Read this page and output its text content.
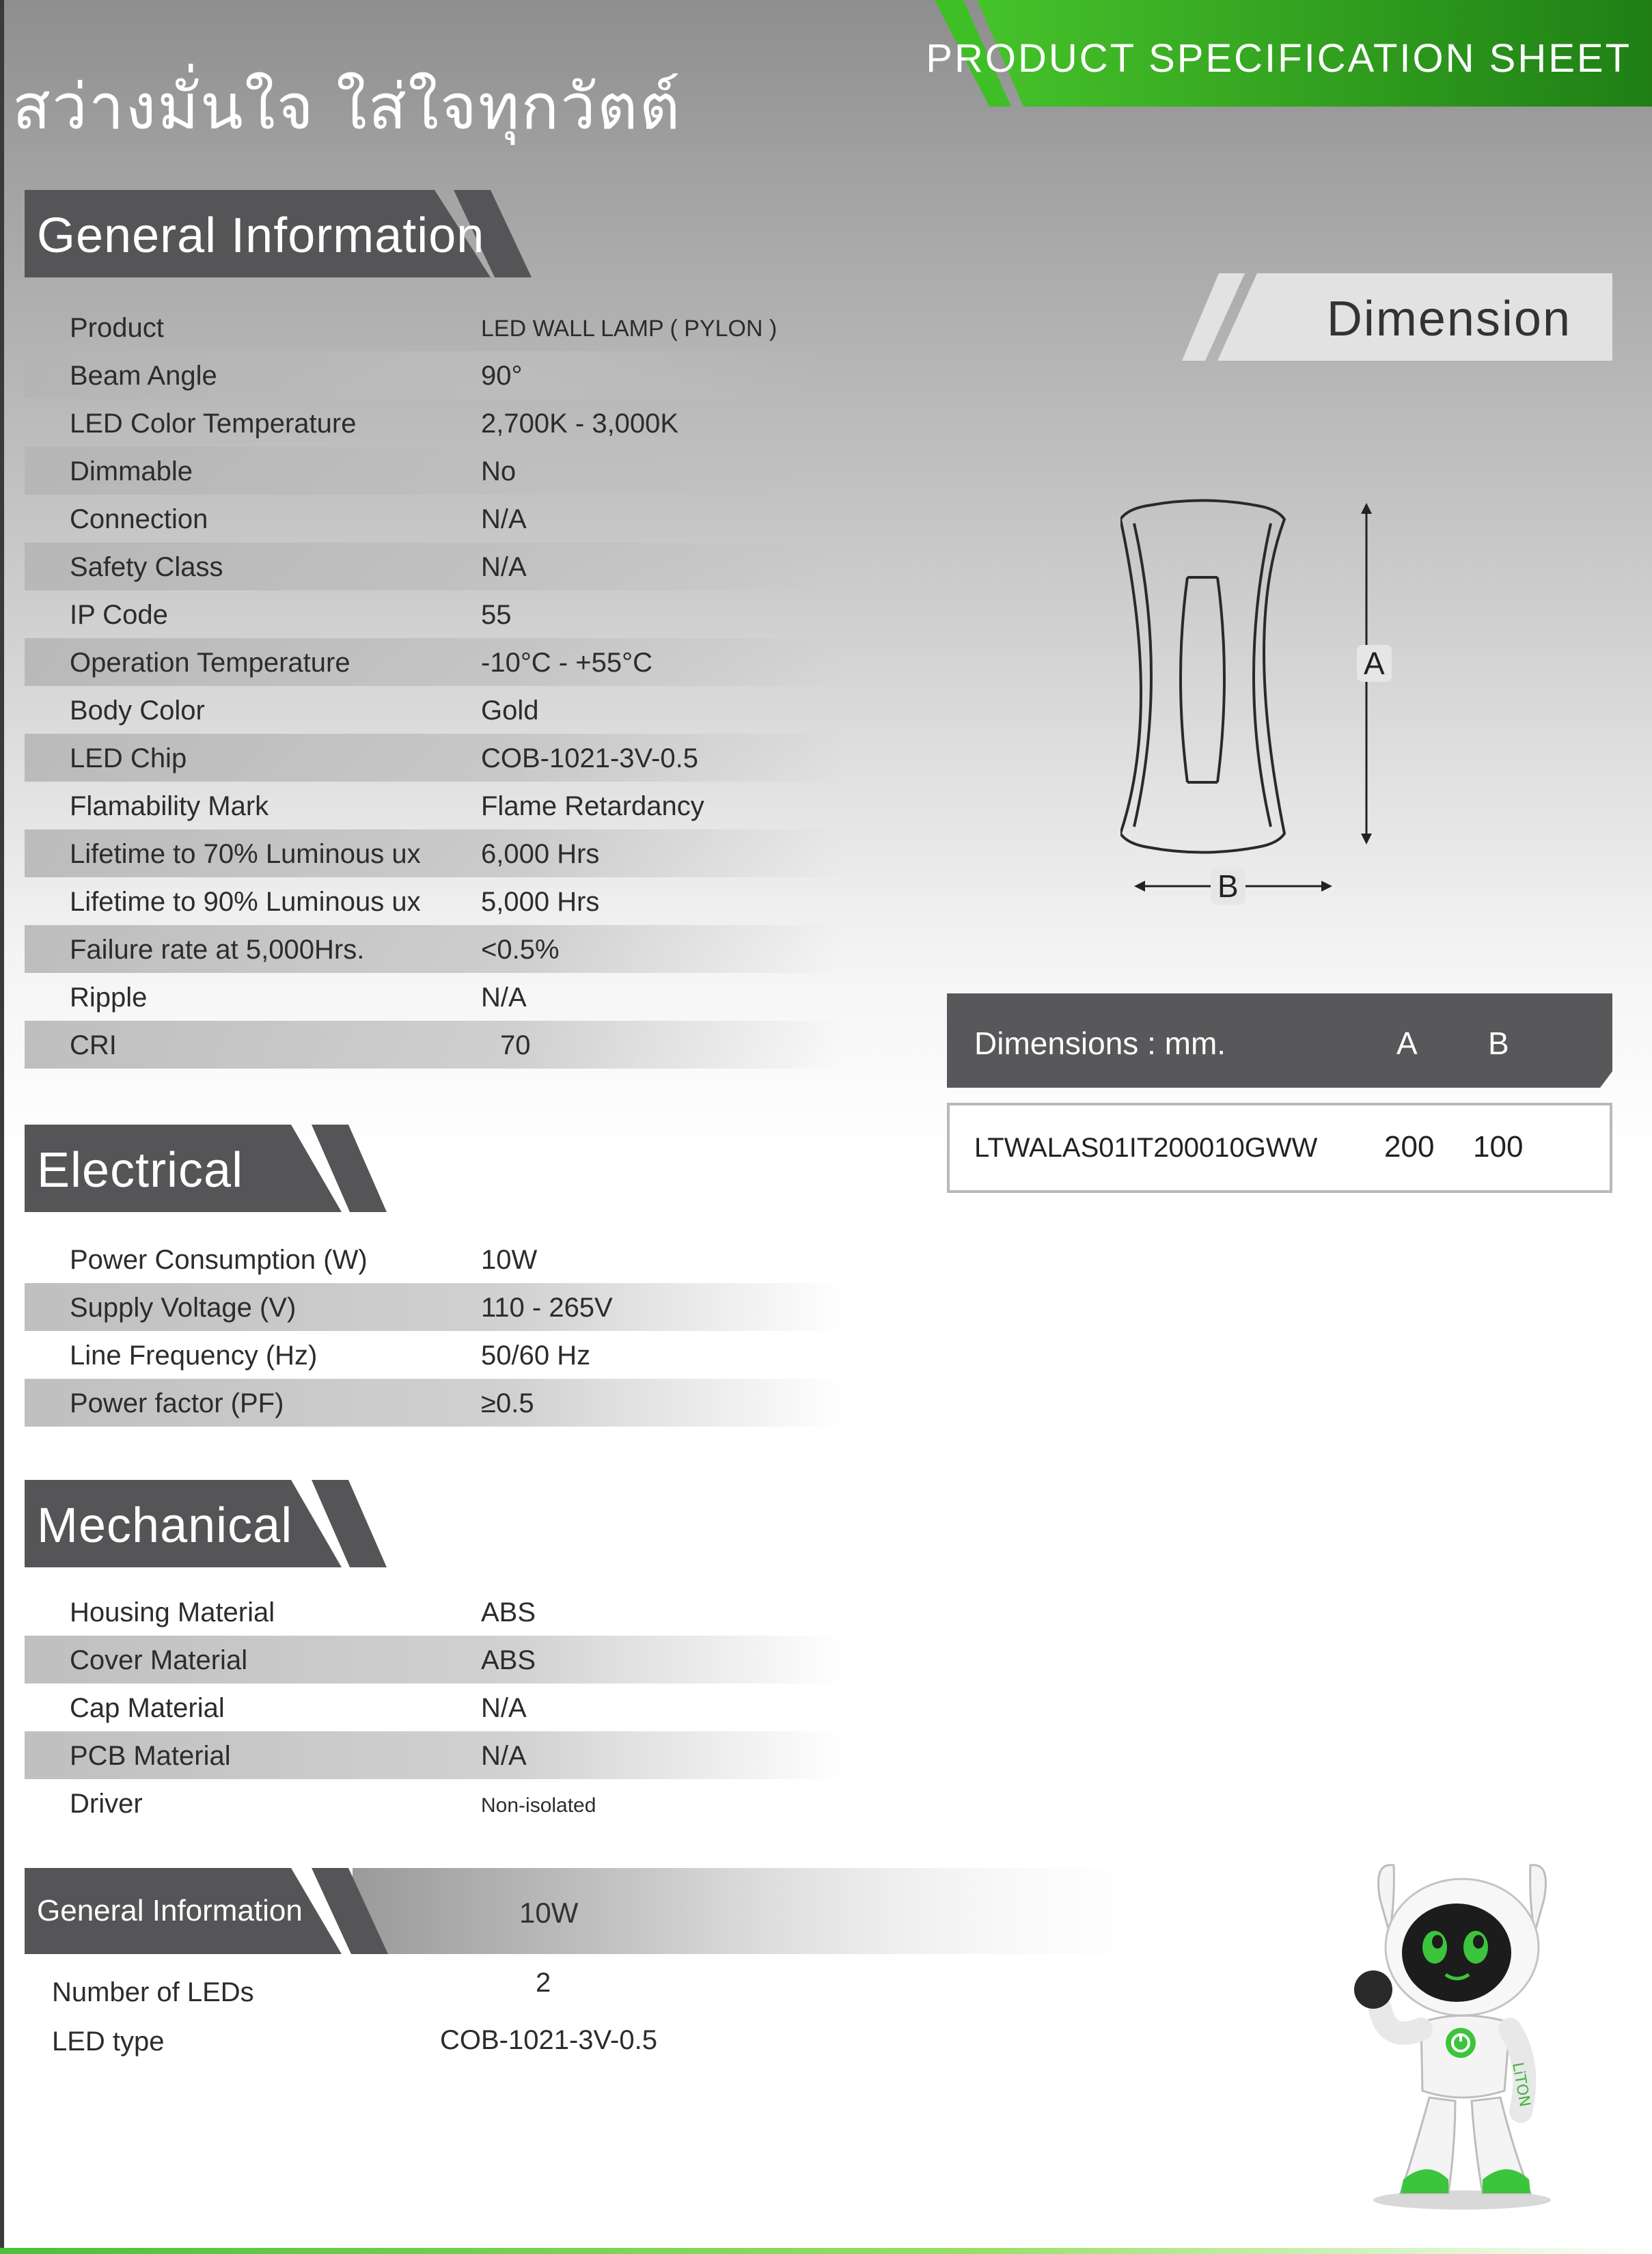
สว่างมั่นใจ ใส่ใจทุกวัตต์
PRODUCT SPECIFICATION SHEET
General Information
Product	LED WALL LAMP ( PYLON )
Beam Angle	90°
LED Color Temperature	2,700K - 3,000K
Dimmable	No
Connection	N/A
Safety Class	N/A
IP Code	55
Operation Temperature	-10°C - +55°C
Body Color	Gold
LED Chip	COB-1021-3V-0.5
Flamability Mark	Flame Retardancy
Lifetime to 70% Luminous ux 6,000 Hrs
Lifetime to 90% Luminous ux 5,000 Hrs
Failure rate at 5,000Hrs.	<0.5%
Ripple	N/A
CRI	70
Electrical
Power Consumption (W)	10W
Supply Voltage (V)	110 - 265V
Line Frequency (Hz)	50/60 Hz
Power factor (PF)	≥0.5
Mechanical
Housing Material	ABS
Cover Material	ABS
Cap Material	N/A
PCB Material	N/A
Driver	Non-isolated
Dimension
A
B
Dimensions : mm.	A B
LTWALAS01IT200010GWW 200 100
General Information	10W
Number of LEDs	2
LED type	COB-1021-3V-0.5
LiTON
